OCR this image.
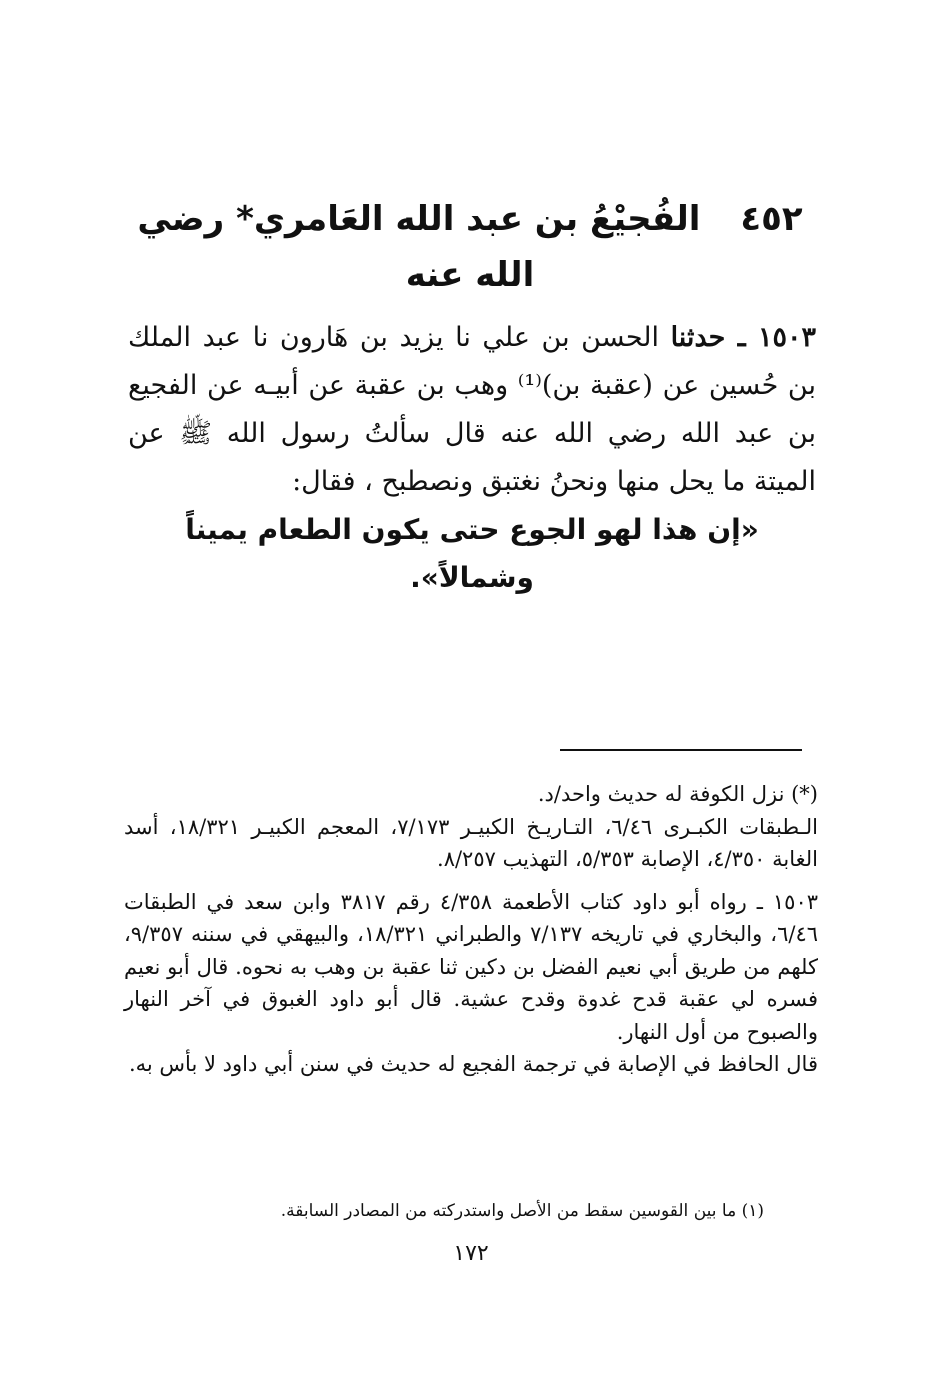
٤٥٢ الفُجيْعُ بن عبد الله العَامري* رضي الله عنه

١٥٠٣ ـ حدثنا الحسن بن علي نا يزيد بن هَارون نا عبد الملك بن حُسين عن (عقبة بن)⁽¹⁾ وهب بن عقبة عن أبيـه عن الفجيع بن عبد الله رضي الله عنه قال سألتُ رسول الله ﷺ عن الميتة ما يحل منها ونحنُ نغتبق ونصطبح ، فقال:

«إن هذا لهو الجوع حتى يكون الطعام يميناً وشمالاً».

(*) نزل الكوفة له حديث واحد/د.

الـطبقات الكبـرى ٦/٤٦، التـاريـخ الكبيـر ٧/١٧٣، المعجم الكبيـر ١٨/٣٢١، أسد الغابة ٤/٣٥٠، الإصابة ٥/٣٥٣، التهذيب ٨/٢٥٧.

١٥٠٣ ـ رواه أبو داود كتاب الأطعمة ٤/٣٥٨ رقم ٣٨١٧ وابن سعد في الطبقات ٦/٤٦، والبخاري في تاريخه ٧/١٣٧ والطبراني ١٨/٣٢١، والبيهقي في سننه ٩/٣٥٧، كلهم من طريق أبي نعيم الفضل بن دكين ثنا عقبة بن وهب به نحوه. قال أبو نعيم فسره لي عقبة قدح غدوة وقدح عشية. قال أبو داود الغبوق في آخر النهار والصبوح من أول النهار.

قال الحافظ في الإصابة في ترجمة الفجيع له حديث في سنن أبي داود لا بأس به.

(١) ما بين القوسين سقط من الأصل واستدركته من المصادر السابقة.

١٧٢
